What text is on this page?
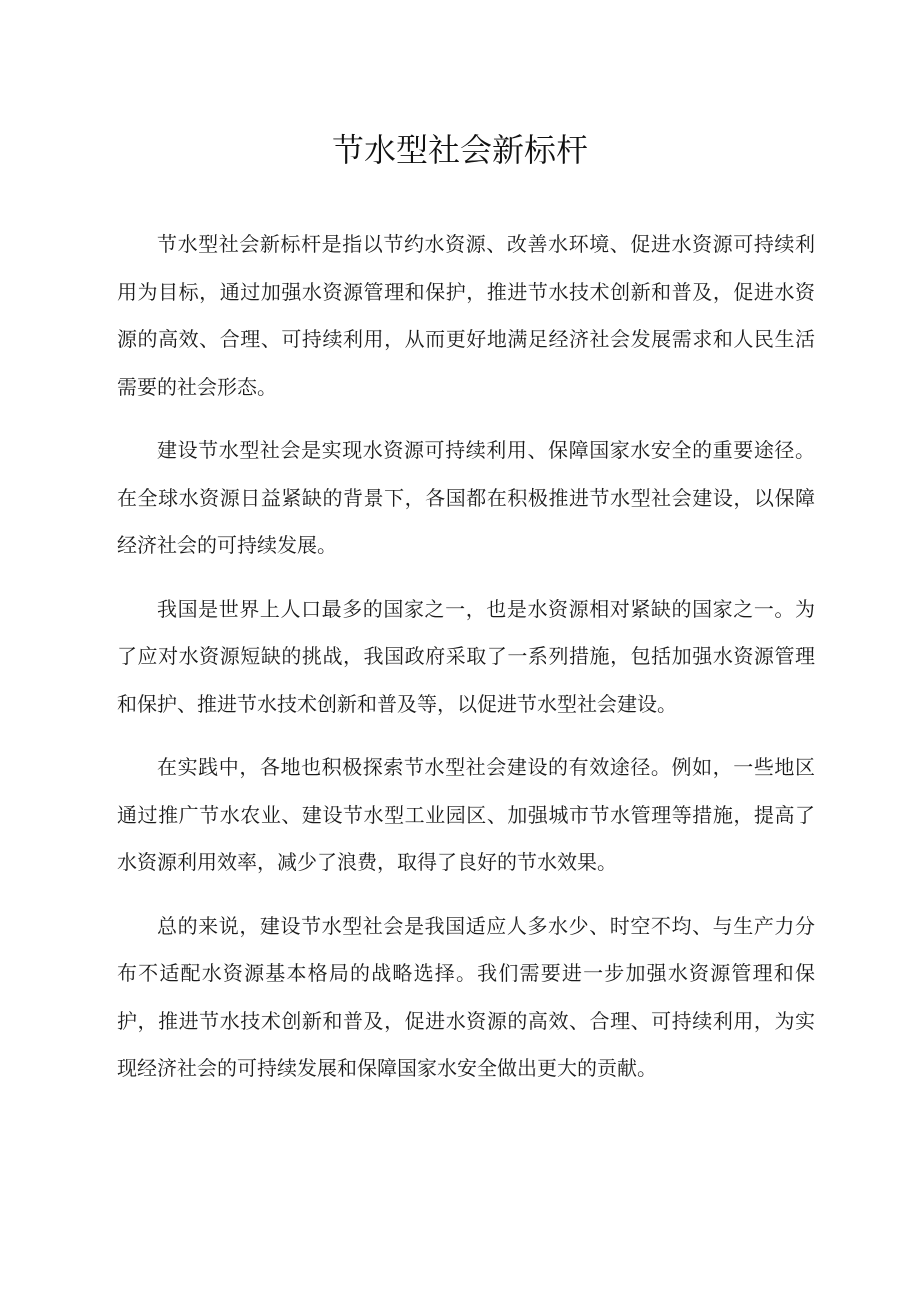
节水型社会新标杆

节水型社会新标杆是指以节约水资源、改善水环境、促进水资源可持续利用为目标，通过加强水资源管理和保护，推进节水技术创新和普及，促进水资源的高效、合理、可持续利用，从而更好地满足经济社会发展需求和人民生活需要的社会形态。

建设节水型社会是实现水资源可持续利用、保障国家水安全的重要途径。在全球水资源日益紧缺的背景下，各国都在积极推进节水型社会建设，以保障经济社会的可持续发展。

我国是世界上人口最多的国家之一，也是水资源相对紧缺的国家之一。为了应对水资源短缺的挑战，我国政府采取了一系列措施，包括加强水资源管理和保护、推进节水技术创新和普及等，以促进节水型社会建设。

在实践中，各地也积极探索节水型社会建设的有效途径。例如，一些地区通过推广节水农业、建设节水型工业园区、加强城市节水管理等措施，提高了水资源利用效率，减少了浪费，取得了良好的节水效果。

总的来说，建设节水型社会是我国适应人多水少、时空不均、与生产力分布不适配水资源基本格局的战略选择。我们需要进一步加强水资源管理和保护，推进节水技术创新和普及，促进水资源的高效、合理、可持续利用，为实现经济社会的可持续发展和保障国家水安全做出更大的贡献。
